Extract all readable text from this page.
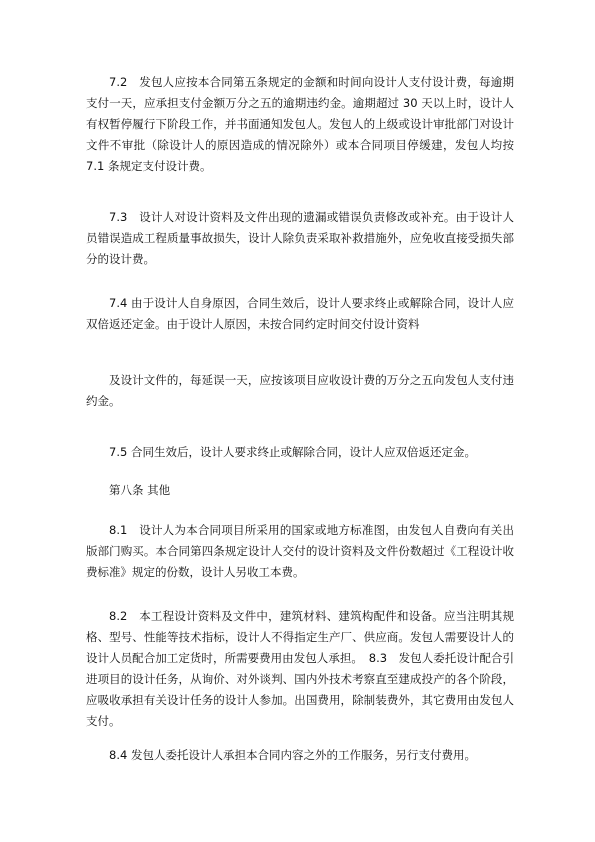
7.2　发包人应按本合同第五条规定的金额和时间向设计人支付设计费，每逾期支付一天，应承担支付金额万分之五的逾期违约金。逾期超过 30 天以上时，设计人有权暂停履行下阶段工作，并书面通知发包人。发包人的上级或设计审批部门对设计文件不审批（除设计人的原因造成的情况除外）或本合同项目停缓建，发包人均按 7.1 条规定支付设计费。

7.3　设计人对设计资料及文件出现的遗漏或错误负责修改或补充。由于设计人员错误造成工程质量事故损失，设计人除负责采取补救措施外，应免收直接受损失部分的设计费。

7.4 由于设计人自身原因，合同生效后，设计人要求终止或解除合同，设计人应双倍返还定金。由于设计人原因，未按合同约定时间交付设计资料

及设计文件的，每延误一天，应按该项目应收设计费的万分之五向发包人支付违约金。

7.5 合同生效后，设计人要求终止或解除合同，设计人应双倍返还定金。

第八条 其他

8.1　设计人为本合同项目所采用的国家或地方标准图，由发包人自费向有关出版部门购买。本合同第四条规定设计人交付的设计资料及文件份数超过《工程设计收费标准》规定的份数，设计人另收工本费。

8.2　本工程设计资料及文件中，建筑材料、建筑构配件和设备。应当注明其规格、型号、性能等技术指标，设计人不得指定生产厂、供应商。发包人需要设计人的设计人员配合加工定货时，所需要费用由发包人承担。　8.3　发包人委托设计配合引进项目的设计任务，从询价、对外谈判、国内外技术考察直至建成投产的各个阶段，应吸收承担有关设计任务的设计人参加。出国费用，除制装费外，其它费用由发包人支付。

8.4 发包人委托设计人承担本合同内容之外的工作服务，另行支付费用。
